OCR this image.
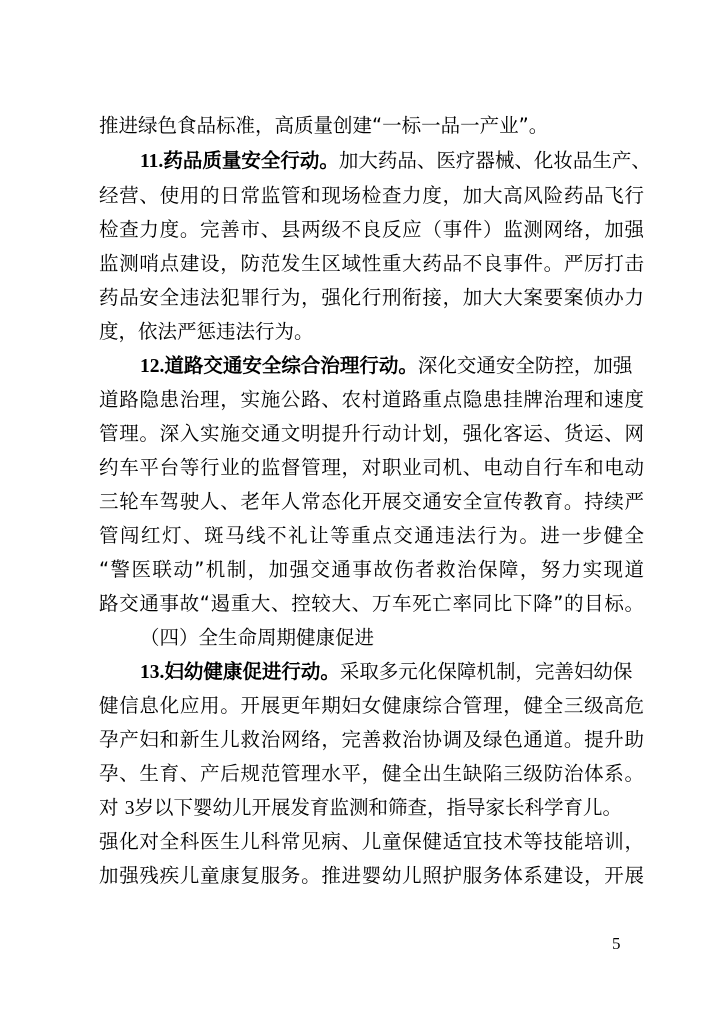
推进绿色食品标准，高质量创建“一标一品一产业”。
11.药品质量安全行动。加大药品、医疗器械、化妆品生产、
经营、使用的日常监管和现场检查力度，加大高风险药品飞行
检查力度。完善市、县两级不良反应（事件）监测网络，加强
监测哨点建设，防范发生区域性重大药品不良事件。严厉打击
药品安全违法犯罪行为，强化行刑衔接，加大大案要案侦办力
度，依法严惩违法行为。
12.道路交通安全综合治理行动。深化交通安全防控，加强
道路隐患治理，实施公路、农村道路重点隐患挂牌治理和速度
管理。深入实施交通文明提升行动计划，强化客运、货运、网
约车平台等行业的监督管理，对职业司机、电动自行车和电动
三轮车驾驶人、老年人常态化开展交通安全宣传教育。持续严
管闯红灯、斑马线不礼让等重点交通违法行为。进一步健全
“警医联动”机制，加强交通事故伤者救治保障，努力实现道
路交通事故“遏重大、控较大、万车死亡率同比下降”的目标。
（四）全生命周期健康促进
13.妇幼健康促进行动。采取多元化保障机制，完善妇幼保
健信息化应用。开展更年期妇女健康综合管理，健全三级高危
孕产妇和新生儿救治网络，完善救治协调及绿色通道。提升助
孕、生育、产后规范管理水平，健全出生缺陷三级防治体系。
对 3岁以下婴幼儿开展发育监测和筛查，指导家长科学育儿。
强化对全科医生儿科常见病、儿童保健适宜技术等技能培训，
加强残疾儿童康复服务。推进婴幼儿照护服务体系建设，开展
5
